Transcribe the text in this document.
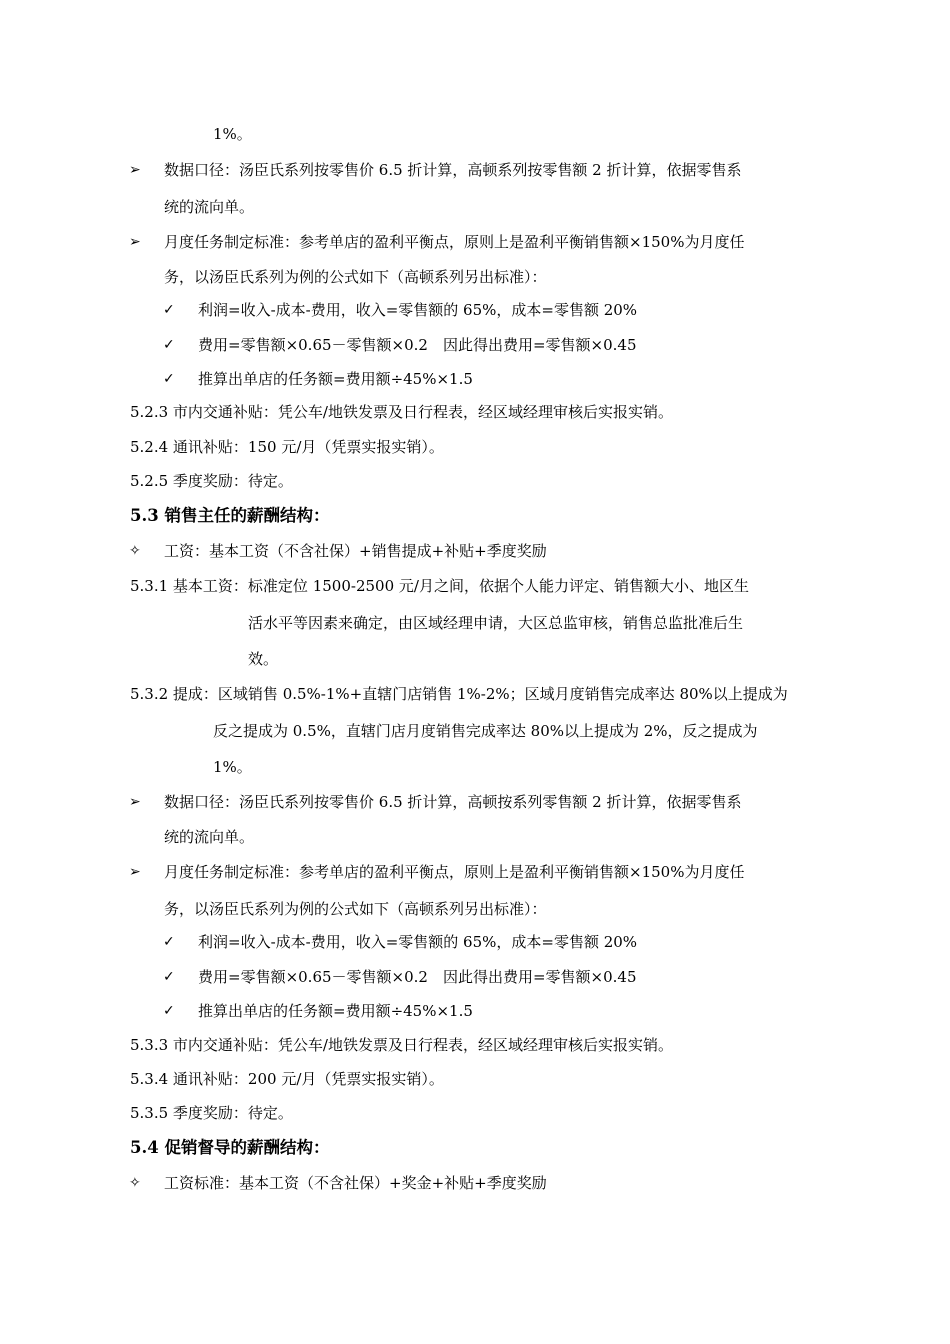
1%。
➢ 数据口径：汤臣氏系列按零售价 6.5 折计算，高顿系列按零售额 2 折计算，依据零售系
统的流向单。
➢ 月度任务制定标准：参考单店的盈利平衡点，原则上是盈利平衡销售额×150%为月度任
务，以汤臣氏系列为例的公式如下（高顿系列另出标准）：
✓ 利润=收入-成本-费用，收入=零售额的 65%，成本=零售额 20%
✓ 费用=零售额×0.65－零售额×0.2　因此得出费用=零售额×0.45
✓ 推算出单店的任务额=费用额÷45%×1.5
5.2.3 市内交通补贴：凭公车/地铁发票及日行程表，经区域经理审核后实报实销。
5.2.4 通讯补贴：150 元/月（凭票实报实销）。
5.2.5 季度奖励：待定。
5.3 销售主任的薪酬结构：
✧ 工资：基本工资（不含社保）+销售提成+补贴+季度奖励
5.3.1 基本工资：标准定位 1500-2500 元/月之间，依据个人能力评定、销售额大小、地区生
活水平等因素来确定，由区域经理申请，大区总监审核，销售总监批准后生
效。
5.3.2 提成：区域销售 0.5%-1%+直辖门店销售 1%-2%；区域月度销售完成率达 80%以上提成为
反之提成为 0.5%，直辖门店月度销售完成率达 80%以上提成为 2%，反之提成为
1%。
➢ 数据口径：汤臣氏系列按零售价 6.5 折计算，高顿按系列零售额 2 折计算，依据零售系
统的流向单。
➢ 月度任务制定标准：参考单店的盈利平衡点，原则上是盈利平衡销售额×150%为月度任
务，以汤臣氏系列为例的公式如下（高顿系列另出标准）：
✓ 利润=收入-成本-费用，收入=零售额的 65%，成本=零售额 20%
✓ 费用=零售额×0.65－零售额×0.2　因此得出费用=零售额×0.45
✓ 推算出单店的任务额=费用额÷45%×1.5
5.3.3 市内交通补贴：凭公车/地铁发票及日行程表，经区域经理审核后实报实销。
5.3.4 通讯补贴：200 元/月（凭票实报实销）。
5.3.5 季度奖励：待定。
5.4 促销督导的薪酬结构：
✧ 工资标准：基本工资（不含社保）+奖金+补贴+季度奖励
